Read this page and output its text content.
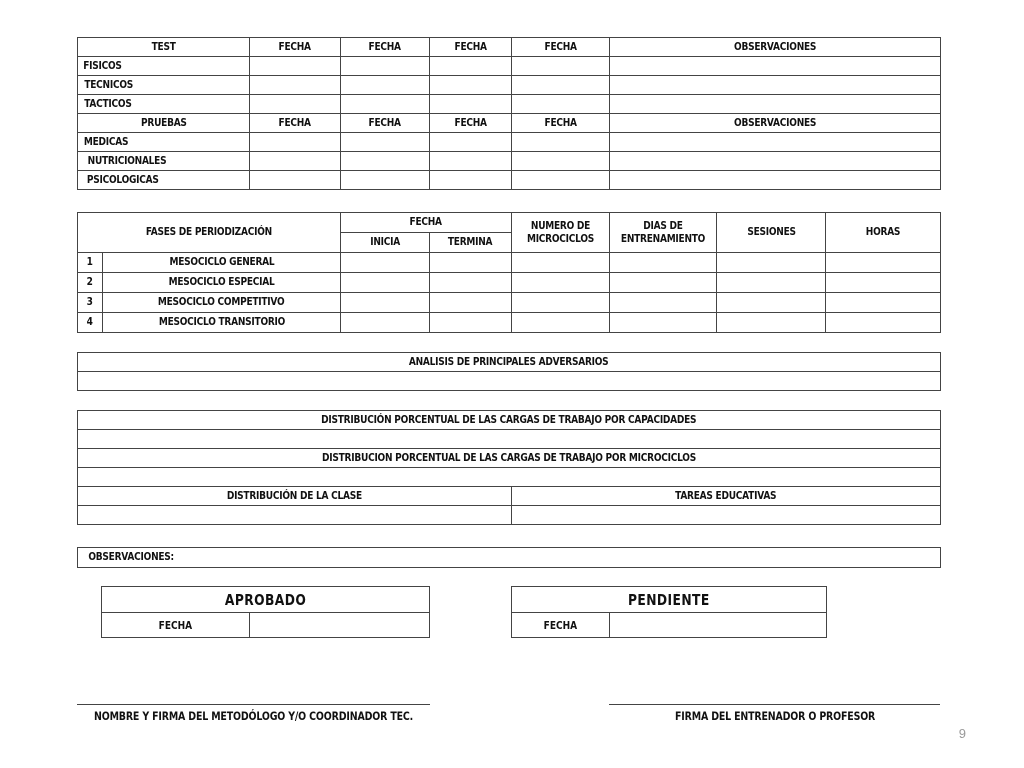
TEST	FECHA	FECHA	FECHA	FECHA	OBSERVACIONES
FISICOS					
TECNICOS					
TACTICOS					
PRUEBAS	FECHA	FECHA	FECHA	FECHA	OBSERVACIONES
MEDICAS					
NUTRICIONALES					
PSICOLOGICAS					
FASES DE PERIODIZACIÓN		FECHA		NUMERO DE MICROCICLOS	DIAS DE ENTRENAMIENTO	SESIONES	HORAS
		INICIA	TERMINA				
1	MESOCICLO GENERAL						
2	MESOCICLO ESPECIAL						
3	MESOCICLO COMPETITIVO						
4	MESOCICLO TRANSITORIO						
ANALISIS DE PRINCIPALES ADVERSARIOS

DISTRIBUCIÓN PORCENTUAL DE LAS CARGAS DE TRABAJO POR CAPACIDADES	

DISTRIBUCION PORCENTUAL DE LAS CARGAS DE TRABAJO POR MICROCICLOS	

DISTRIBUCIÓN DE LA CLASE	TAREAS EDUCATIVAS

OBSERVACIONES:
APROBADO
FECHA	
PENDIENTE
FECHA	
NOMBRE Y FIRMA DEL METODÓLOGO Y/O COORDINADOR TEC.	FIRMA DEL ENTRENADOR O PROFESOR
9
